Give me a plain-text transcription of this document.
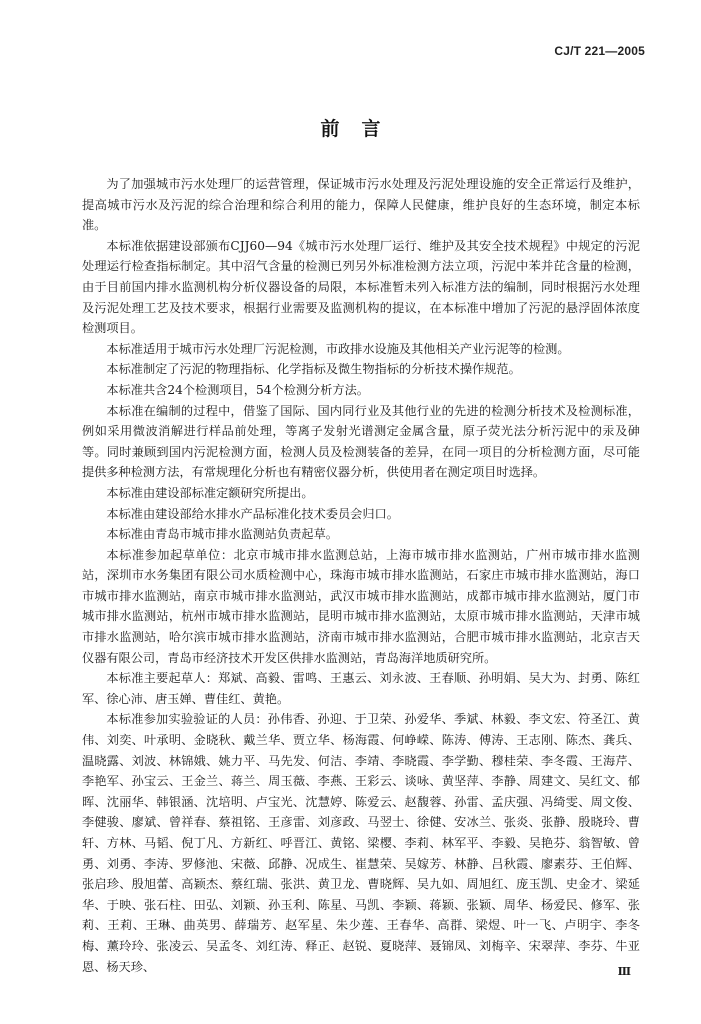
CJ/T 221—2005
前言

为了加强城市污水处理厂的运营管理，保证城市污水处理及污泥处理设施的安全正常运行及维护，提高城市污水及污泥的综合治理和综合利用的能力，保障人民健康，维护良好的生态环境，制定本标准。

本标准依据建设部颁布CJJ60—94《城市污水处理厂运行、维护及其安全技术规程》中规定的污泥处理运行检查指标制定。其中沼气含量的检测已列另外标准检测方法立项，污泥中苯并芘含量的检测，由于目前国内排水监测机构分析仪器设备的局限，本标准暂未列入标准方法的编制，同时根据污水处理及污泥处理工艺及技术要求，根据行业需要及监测机构的提议，在本标准中增加了污泥的悬浮固体浓度检测项目。

本标准适用于城市污水处理厂污泥检测，市政排水设施及其他相关产业污泥等的检测。

本标准制定了污泥的物理指标、化学指标及微生物指标的分析技术操作规范。

本标准共含24个检测项目，54个检测分析方法。

本标准在编制的过程中，借鉴了国际、国内同行业及其他行业的先进的检测分析技术及检测标准，例如采用微波消解进行样品前处理，等离子发射光谱测定金属含量，原子荧光法分析污泥中的汞及砷等。同时兼顾到国内污泥检测方面，检测人员及检测装备的差异，在同一项目的分析检测方面，尽可能提供多种检测方法，有常规理化分析也有精密仪器分析，供使用者在测定项目时选择。

本标准由建设部标准定额研究所提出。

本标准由建设部给水排水产品标准化技术委员会归口。

本标准由青岛市城市排水监测站负责起草。

本标准参加起草单位：北京市城市排水监测总站，上海市城市排水监测站，广州市城市排水监测站，深圳市水务集团有限公司水质检测中心，珠海市城市排水监测站，石家庄市城市排水监测站，海口市城市排水监测站，南京市城市排水监测站，武汉市城市排水监测站，成都市城市排水监测站，厦门市城市排水监测站，杭州市城市排水监测站，昆明市城市排水监测站，太原市城市排水监测站，天津市城市排水监测站，哈尔滨市城市排水监测站，济南市城市排水监测站，合肥市城市排水监测站，北京吉天仪器有限公司，青岛市经济技术开发区供排水监测站，青岛海洋地质研究所。

本标准主要起草人：郑斌、高毅、雷鸣、王惠云、刘永波、王春顺、孙明娟、吴大为、封勇、陈红军、徐心沛、唐玉婵、曹佳红、黄艳。

本标准参加实验验证的人员：孙伟香、孙迎、于卫荣、孙爱华、季斌、林毅、李文宏、符圣江、黄伟、刘奕、叶承明、金晓秋、戴兰华、贾立华、杨海霞、何峥嵘、陈涛、傅涛、王志刚、陈杰、龚兵、温晓露、刘波、林锦娥、姚力平、马先发、何洁、李靖、李晓霞、李学勤、穆桂荣、李冬霞、王海芹、李艳军、孙宝云、王金兰、蒋兰、周玉薇、李燕、王彩云、谈咏、黄坚萍、李静、周建文、吴红文、郁晖、沈丽华、韩银涵、沈培明、卢宝光、沈慧婷、陈爱云、赵馥蓉、孙雷、孟庆强、冯绮雯、周文俊、李健骏、廖斌、曾祥春、蔡祖铭、王彦雷、刘彦政、马翌士、徐健、安冰兰、张炎、张静、殷晓玲、曹轩、方林、马韬、倪丁凡、方新红、呼晋江、黄铭、梁樱、李莉、林军平、李毅、吴艳芬、翁智敏、曾勇、刘勇、李涛、罗修池、宋薇、邱静、况成生、崔慧荣、吴嫁芳、林静、吕秋霞、廖素芬、王伯辉、张启珍、殷旭蕾、高颖杰、蔡红瑞、张洪、黄卫龙、曹晓辉、吴九如、周旭红、庞玉凯、史金才、梁延华、于映、张石柱、田弘、刘颖、孙玉利、陈星、马凯、李颖、蒋颖、张颖、周华、杨爱民、修军、张莉、王莉、王琳、曲英男、薛瑞芳、赵军星、朱少莲、王春华、高群、梁煜、叶一飞、卢明宇、李冬梅、薰玲玲、张凌云、吴孟冬、刘红涛、释正、赵锐、夏晓萍、聂锦凤、刘梅辛、宋翠萍、李芬、牛亚恩、杨天珍、	Ⅲ
